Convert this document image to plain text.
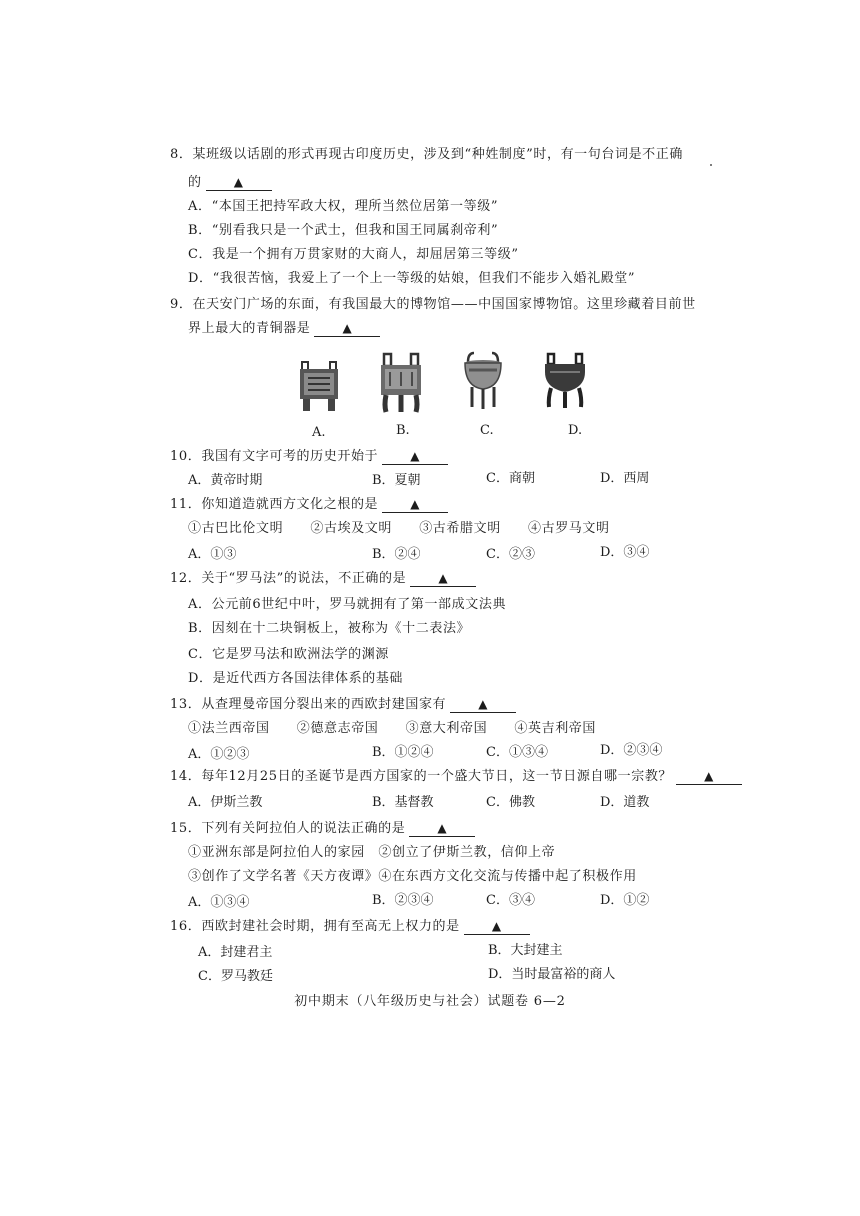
8．某班级以话剧的形式再现古印度历史，涉及到“种姓制度”时，有一句台词是不正确
的	▲
A．“本国王把持军政大权，理所当然位居第一等级”
B．“别看我只是一个武士，但我和国王同属刹帝利”
C．我是一个拥有万贯家财的大商人，却屈居第三等级”
D．“我很苦恼，我爱上了一个上一等级的姑娘，但我们不能步入婚礼殿堂”
9．在天安门广场的东面，有我国最大的博物馆——中国国家博物馆。这里珍藏着目前世
界上最大的青铜器是	▲
A.	B.	C.	D.
10．我国有文字可考的历史开始于	▲
A．黄帝时期	B．夏朝	C．商朝	D．西周
11．你知道造就西方文化之根的是	▲
①古巴比伦文明　　②古埃及文明　　③古希腊文明　　④古罗马文明
A．①③	B．②④	C．②③	D．③④
12．关于“罗马法”的说法，不正确的是	▲
A．公元前6世纪中叶，罗马就拥有了第一部成文法典
B．因刻在十二块铜板上，被称为《十二表法》
C．它是罗马法和欧洲法学的渊源
D．是近代西方各国法律体系的基础
13．从查理曼帝国分裂出来的西欧封建国家有	▲
①法兰西帝国　　②德意志帝国　　③意大利帝国　　④英吉利帝国
A．①②③	B．①②④	C．①③④	D．②③④
14．每年12月25日的圣诞节是西方国家的一个盛大节日，这一节日源自哪一宗教？	▲
A．伊斯兰教	B．基督教	C．佛教	D．道教
15．下列有关阿拉伯人的说法正确的是	▲
①亚洲东部是阿拉伯人的家园　②创立了伊斯兰教，信仰上帝
③创作了文学名著《天方夜谭》④在东西方文化交流与传播中起了积极作用
A．①③④	B．②③④	C．③④	D．①②
16．西欧封建社会时期，拥有至高无上权力的是	▲
A．封建君主	B．大封建主
C．罗马教廷	D．当时最富裕的商人
初中期末（八年级历史与社会）试题卷 6—2
